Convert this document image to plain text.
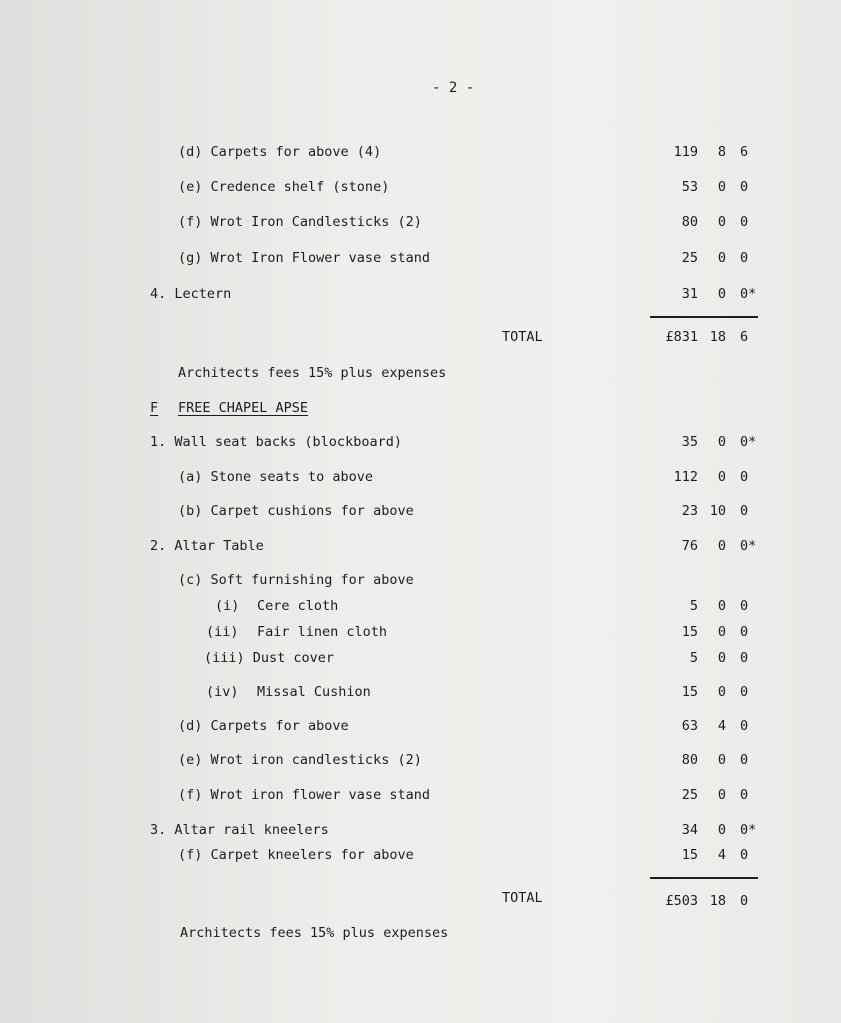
- 2 -
(d) Carpets for above (4)	119	8 6
(e) Credence shelf (stone)	53	0 0
(f) Wrot Iron Candlesticks (2)	80	0 0
(g) Wrot Iron Flower vase stand	25	0 0
4. Lectern	31	0 0*
TOTAL	£831 18 6
Architects fees 15% plus expenses
F FREE CHAPEL APSE
1. Wall seat backs (blockboard)	35	0 0*
(a) Stone seats to above	112	0 0
(b) Carpet cushions for above	23 10 0
2. Altar Table	76	0 0*
(c) Soft furnishing for above
(i) Cere cloth	5	0 0
(ii) Fair linen cloth	15	0 0
(iii) Dust cover	5	0 0
(iv) Missal Cushion	15	0 0
(d) Carpets for above	63	4 0
(e) Wrot iron candlesticks (2)	80	0 0
(f) Wrot iron flower vase stand	25	0 0
3. Altar rail kneelers	34	0 0*
(f) Carpet kneelers for above	15	4 0
TOTAL	£503 18 0
Architects fees 15% plus expenses
